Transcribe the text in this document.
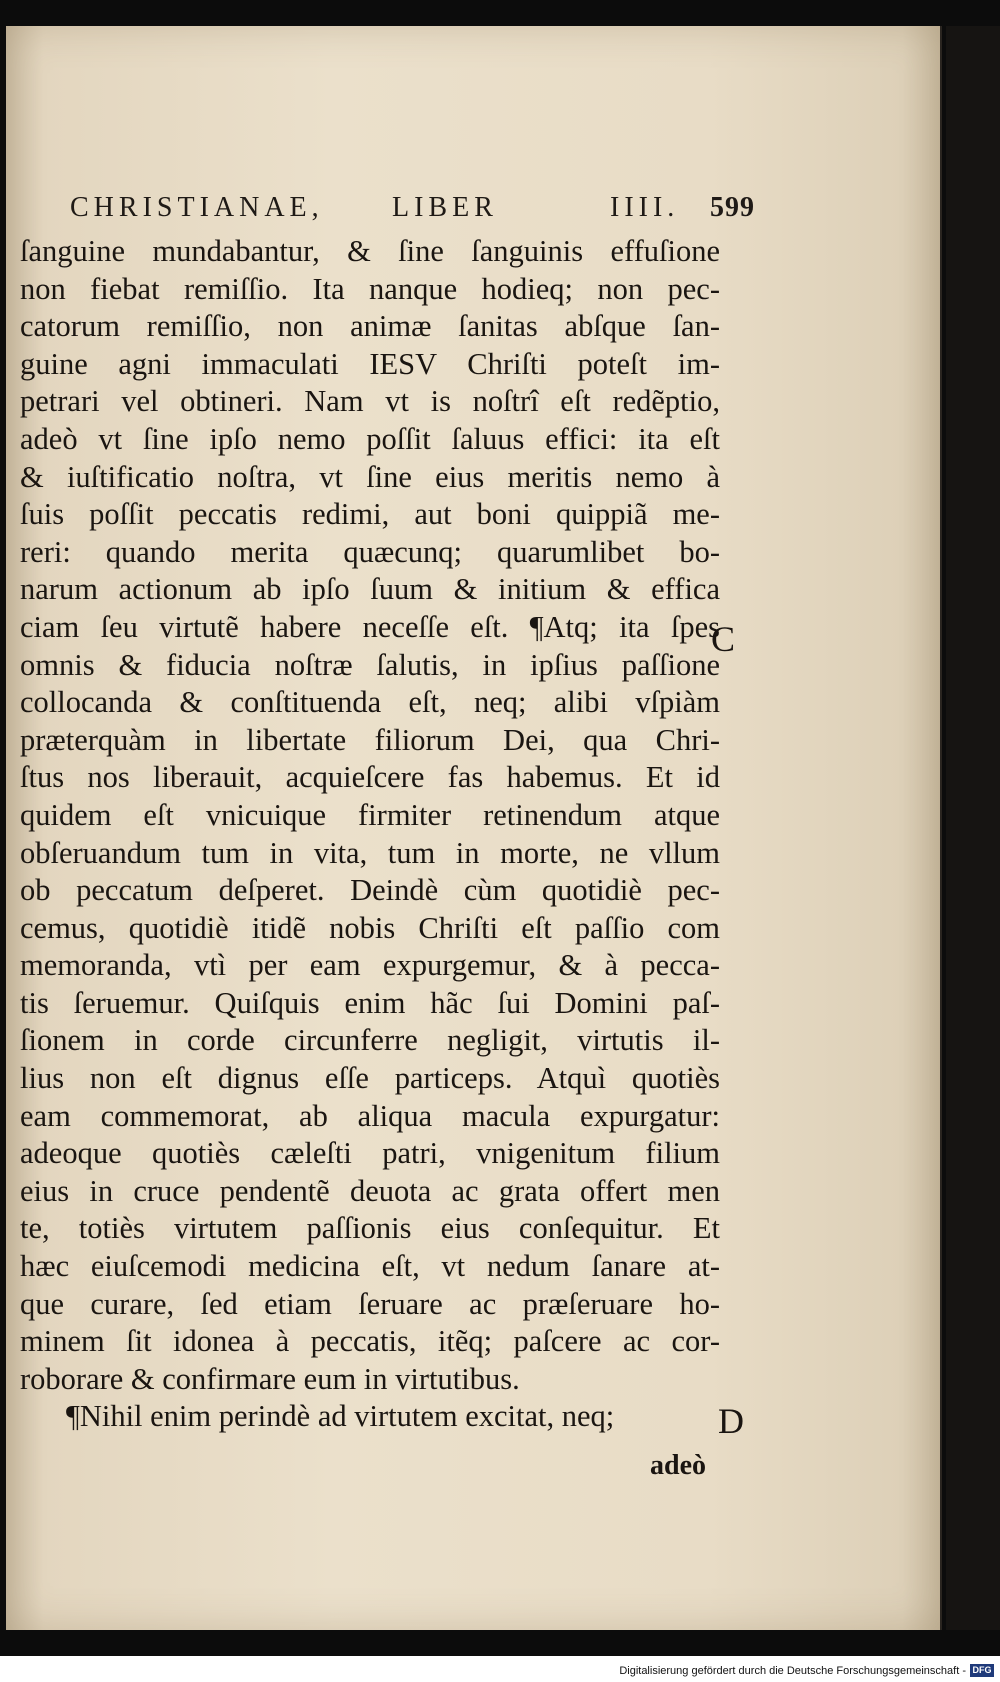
CHRISTIANAE, LIBER	IIII. 599
ſanguine mundabantur, & ſine ſanguinis effuſione
non fiebat remiſſio. Ita nanque hodieq; non pec-
catorum remiſſio, non animæ ſanitas abſque ſan-
guine agni immaculati IESV Chriſti poteſt im-
petrari vel obtineri. Nam vt is noſtrî eſt redẽptio,
adeò vt ſine ipſo nemo poſſit ſaluus effici: ita eſt
& iuſtificatio noſtra, vt ſine eius meritis nemo à
ſuis poſſit peccatis redimi, aut boni quippiã me-
reri: quando merita quæcunq; quarumlibet bo-
narum actionum ab ipſo ſuum & initium & effica
ciam ſeu virtutẽ habere neceſſe eſt. ¶Atq; ita ſpes
omnis & fiducia noſtræ ſalutis, in ipſius paſſione
collocanda & conſtituenda eſt, neq; alibi vſpiàm
præterquàm in libertate filiorum Dei, qua Chri-
ſtus nos liberauit, acquieſcere fas habemus. Et id
quidem eſt vnicuique firmiter retinendum atque
obſeruandum tum in vita, tum in morte, ne vllum
ob peccatum deſperet. Deindè cùm quotidiè pec-
cemus, quotidiè itidẽ nobis Chriſti eſt paſſio com
memoranda, vtì per eam expurgemur, & à pecca-
tis ſeruemur. Quiſquis enim hãc ſui Domini paſ-
ſionem in corde circunferre negligit, virtutis il-
lius non eſt dignus eſſe particeps. Atquì quotiès
eam commemorat, ab aliqua macula expurgatur:
adeoque quotiès cæleſti patri, vnigenitum filium
eius in cruce pendentẽ deuota ac grata offert men
te, totiès virtutem paſſionis eius conſequitur. Et
hæc eiuſcemodi medicina eſt, vt nedum ſanare at-
que curare, ſed etiam ſeruare ac præſeruare ho-
minem ſit idonea à peccatis, itẽq; paſcere ac cor-
roborare & confirmare eum in virtutibus.
¶Nihil enim perindè ad virtutem excitat, neq;
adeò
C
D
Digitalisierung gefördert durch die Deutsche Forschungsgemeinschaft - DFG
